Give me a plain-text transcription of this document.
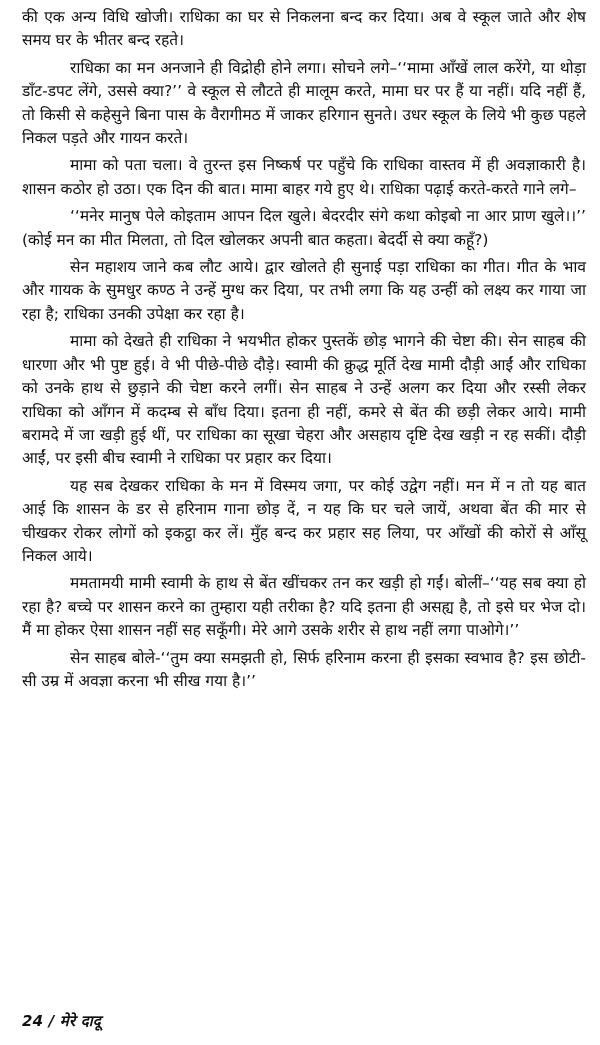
की एक अन्य विधि खोजी। राधिका का घर से निकलना बन्द कर दिया। अब वे स्कूल जाते और शेष समय घर के भीतर बन्द रहते।

राधिका का मन अनजाने ही विद्रोही होने लगा। सोचने लगे–‘‘मामा आँखें लाल करेंगे, या थोड़ा डाँट-डपट लेंगे, उससे क्या?’’ वे स्कूल से लौटते ही मालूम करते, मामा घर पर हैं या नहीं। यदि नहीं हैं, तो किसी से कहेसुने बिना पास के वैरागीमठ में जाकर हरिगान सुनते। उधर स्कूल के लिये भी कुछ पहले निकल पड़ते और गायन करते।

मामा को पता चला। वे तुरन्त इस निष्कर्ष पर पहुँचे कि राधिका वास्तव में ही अवज्ञाकारी है। शासन कठोर हो उठा। एक दिन की बात। मामा बाहर गये हुए थे। राधिका पढ़ाई करते-करते गाने लगे–

‘‘मनेर मानुष पेले कोइताम आपन दिल खुले। बेदरदीर संगे कथा कोइबो ना आर प्राण खुले।।’’ (कोई मन का मीत मिलता, तो दिल खोलकर अपनी बात कहता। बेदर्दी से क्या कहूँ?)

सेन महाशय जाने कब लौट आये। द्वार खोलते ही सुनाई पड़ा राधिका का गीत। गीत के भाव और गायक के सुमधुर कण्ठ ने उन्हें मुग्ध कर दिया, पर तभी लगा कि यह उन्हीं को लक्ष्य कर गाया जा रहा है; राधिका उनकी उपेक्षा कर रहा है।

मामा को देखते ही राधिका ने भयभीत होकर पुस्तकें छोड़ भागने की चेष्टा की। सेन साहब की धारणा और भी पुष्ट हुई। वे भी पीछे-पीछे दौड़े। स्वामी की क्रुद्ध मूर्ति देख मामी दौड़ी आईं और राधिका को उनके हाथ से छुड़ाने की चेष्टा करने लगीं। सेन साहब ने उन्हें अलग कर दिया और रस्सी लेकर राधिका को आँगन में कदम्ब से बाँध दिया। इतना ही नहीं, कमरे से बेंत की छड़ी लेकर आये। मामी बरामदे में जा खड़ी हुई थीं, पर राधिका का सूखा चेहरा और असहाय दृष्टि देख खड़ी न रह सकीं। दौड़ी आईं, पर इसी बीच स्वामी ने राधिका पर प्रहार कर दिया।

यह सब देखकर राधिका के मन में विस्मय जगा, पर कोई उद्वेग नहीं। मन में न तो यह बात आई कि शासन के डर से हरिनाम गाना छोड़ दें, न यह कि घर चले जायें, अथवा बेंत की मार से चीखकर रोकर लोगों को इकट्ठा कर लें। मुँह बन्द कर प्रहार सह लिया, पर आँखों की कोरों से आँसू निकल आये।

ममतामयी मामी स्वामी के हाथ से बेंत खींचकर तन कर खड़ी हो गईं। बोलीं–‘‘यह सब क्या हो रहा है? बच्चे पर शासन करने का तुम्हारा यही तरीका है? यदि इतना ही असह्य है, तो इसे घर भेज दो। मैं मा होकर ऐसा शासन नहीं सह सकूँगी। मेरे आगे उसके शरीर से हाथ नहीं लगा पाओगे।’’

सेन साहब बोले-‘‘तुम क्या समझती हो, सिर्फ हरिनाम करना ही इसका स्वभाव है? इस छोटी-सी उम्र में अवज्ञा करना भी सीख गया है।’’

24 / मेरे दादू
